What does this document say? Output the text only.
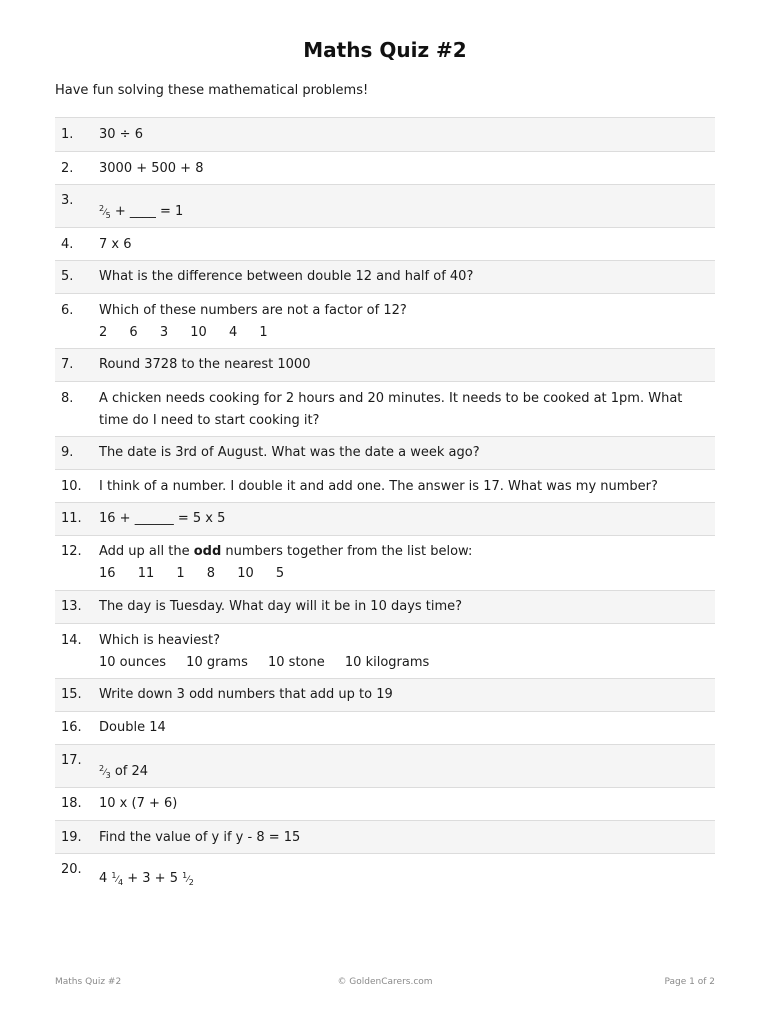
Maths Quiz #2
Have fun solving these mathematical problems!
1.	30 ÷ 6
2.	3000 + 500 + 8
3.
$^2⁄_5$ + ____ = 1
4.	7 x 6
5.	What is the difference between double 12 and half of 40?
6.	Which of these numbers are not a factor of 12?
2 6 3 10 4 1
7.	Round 3728 to the nearest 1000
8.	A chicken needs cooking for 2 hours and 20 minutes. It needs to be cooked at 1pm. What time do I need to start cooking it?
9.	The date is 3rd of August. What was the date a week ago?
10.	I think of a number. I double it and add one. The answer is 17. What was my number?
11.	16 + ______ = 5 x 5
12.	Add up all the odd numbers together from the list below:
16 11 1 8 10 5
13.	The day is Tuesday. What day will it be in 10 days time?
14.	Which is heaviest?
10 ounces 10 grams 10 stone 10 kilograms
15.	Write down 3 odd numbers that add up to 19
16.	Double 14
17.
$^2⁄_3$ of 24
18.	10 x (7 + 6)
19.	Find the value of y if y - 8 = 15
20.
4 $^1⁄_4 + 3 + 5$ $^1⁄_2$
Maths Quiz #2	© GoldenCarers.com	Page 1 of 2
